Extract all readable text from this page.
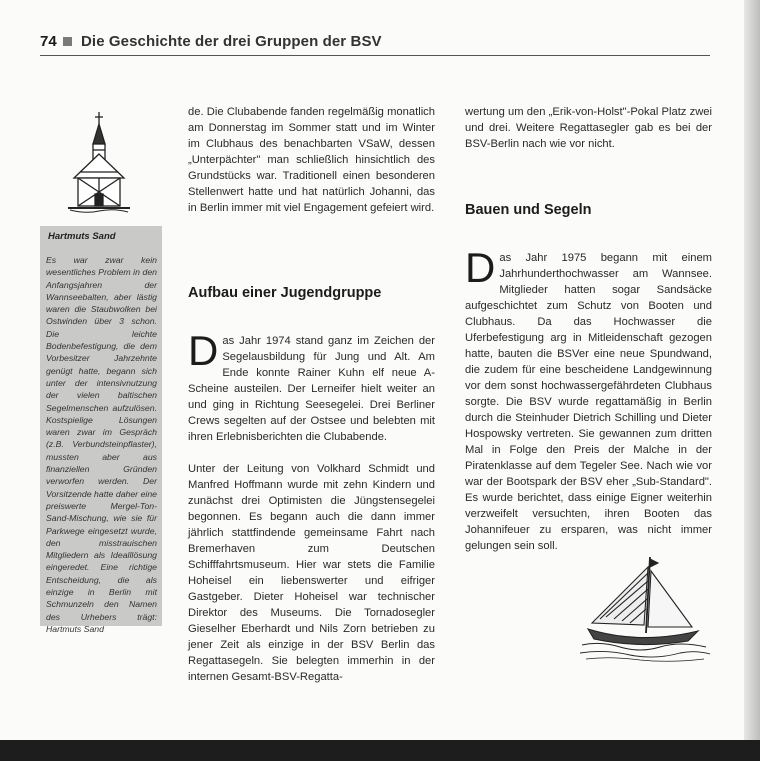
74 Die Geschichte der drei Gruppen der BSV
Hartmuts Sand
Es war zwar kein wesentliches Problem in den Anfangsjahren der Wannseebalten, aber lästig waren die Staubwolken bei Ostwinden über 3 schon. Die leichte Bodenbefestigung, die dem Vorbesitzer Jahrzehnte genügt hatte, begann sich unter der intensivnutzung der vielen baltischen Segelmenschen aufzulösen. Kostspielige Lösungen waren zwar im Gespräch (z.B. Verbundsteinpflaster), mussten aber aus finanziellen Gründen verworfen werden. Der Vorsitzende hatte daher eine preiswerte Mergel-Ton-Sand-Mischung, wie sie für Parkwege eingesetzt wurde, den misstrauischen Mitgliedern als Idealllösung eingeredet. Eine richtige Entscheidung, die als einzige in Berlin mit Schmunzeln den Namen des Urhebers trägt: Hartmuts Sand

de. Die Clubabende fanden regelmäßig monatlich am Donnerstag im Sommer statt und im Winter im Clubhaus des benachbarten VSaW, dessen „Unterpächter" man schließlich hinsichtlich des Grundstücks war. Traditionell einen besonderen Stellenwert hatte und hat natürlich Johanni, das in Berlin immer mit viel Engagement gefeiert wird.

Aufbau einer Jugendgruppe

Das Jahr 1974 stand ganz im Zeichen der Segelausbildung für Jung und Alt. Am Ende konnte Rainer Kuhn elf neue A-Scheine austeilen. Der Lerneifer hielt weiter an und ging in Richtung Seesegelei. Drei Berliner Crews segelten auf der Ostsee und belebten mit ihren Erlebnisberichten die Clubabende.

Unter der Leitung von Volkhard Schmidt und Manfred Hoffmann wurde mit zehn Kindern und zunächst drei Optimisten die Jüngstensegelei begonnen. Es begann auch die dann immer jährlich stattfindende gemeinsame Fahrt nach Bremerhaven zum Deutschen Schifffahrtsmuseum. Hier war stets die Familie Hoheisel ein liebenswerter und eifriger Gastgeber. Dieter Hoheisel war technischer Direktor des Museums. Die Tornadosegler Gieselher Eberhardt und Nils Zorn betrieben zu jener Zeit als einzige in der BSV Berlin das Regattasegeln. Sie belegten immerhin in der internen Gesamt-BSV-Regatta-

wertung um den „Erik-von-Holst"-Pokal Platz zwei und drei. Weitere Regattasegler gab es bei der BSV-Berlin nach wie vor nicht.

Bauen und Segeln

Das Jahr 1975 begann mit einem Jahrhunderthochwasser am Wannsee. Mitglieder hatten sogar Sandsäcke aufgeschichtet zum Schutz von Booten und Clubhaus. Da das Hochwasser die Uferbefestigung arg in Mitleidenschaft gezogen hatte, bauten die BSVer eine neue Spundwand, die zudem für eine bescheidene Landgewinnung vor dem sonst hochwassergefährdeten Clubhaus sorgte. Die BSV wurde regattamäßig in Berlin durch die Steinhuder Dietrich Schilling und Dieter Hospowsky vertreten. Sie gewannen zum dritten Mal in Folge den Preis der Malche in der Piratenklasse auf dem Tegeler See. Nach wie vor war der Bootspark der BSV eher „Sub-Standard". Es wurde berichtet, dass einige Eigner weiterhin verzweifelt versuchten, ihren Booten das Johannifeuer zu ersparen, was nicht immer gelungen sein soll.
